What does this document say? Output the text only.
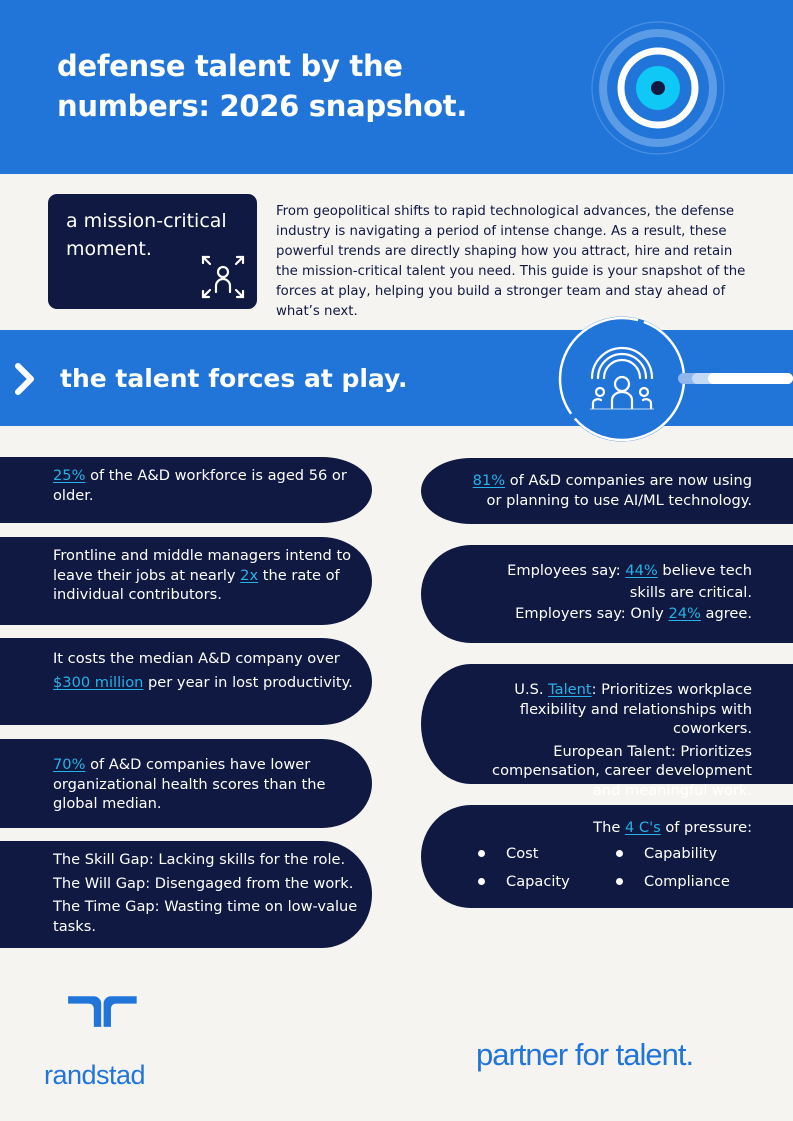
defense talent by the
numbers: 2026 snapshot.
a mission-critical
moment.

From geopolitical shifts to rapid technological advances, the defense industry is navigating a period of intense change. As a result, these powerful trends are directly shaping how you attract, hire and retain the mission-critical talent you need. This guide is your snapshot of the forces at play, helping you build a stronger team and stay ahead of what’s next.

the talent forces at play.

25% of the A&D workforce is aged 56 or older.

Frontline and middle managers intend to leave their jobs at nearly 2x the rate of individual contributors.

It costs the median A&D company over $300 million per year in lost productivity.

70% of A&D companies have lower organizational health scores than the global median.

The Skill Gap: Lacking skills for the role.
The Will Gap: Disengaged from the work.
The Time Gap: Wasting time on low-value tasks.

81% of A&D companies are now using or planning to use AI/ML technology.

Employees say: 44% believe tech skills are critical.

Employers say: Only 24% agree.

U.S. Talent: Prioritizes workplace flexibility and relationships with coworkers.

European Talent: Prioritizes compensation, career development and meaningful work.

The 4 C's of pressure:

Cost	Capability
Capacity	Compliance
randstad
partner for talent.
